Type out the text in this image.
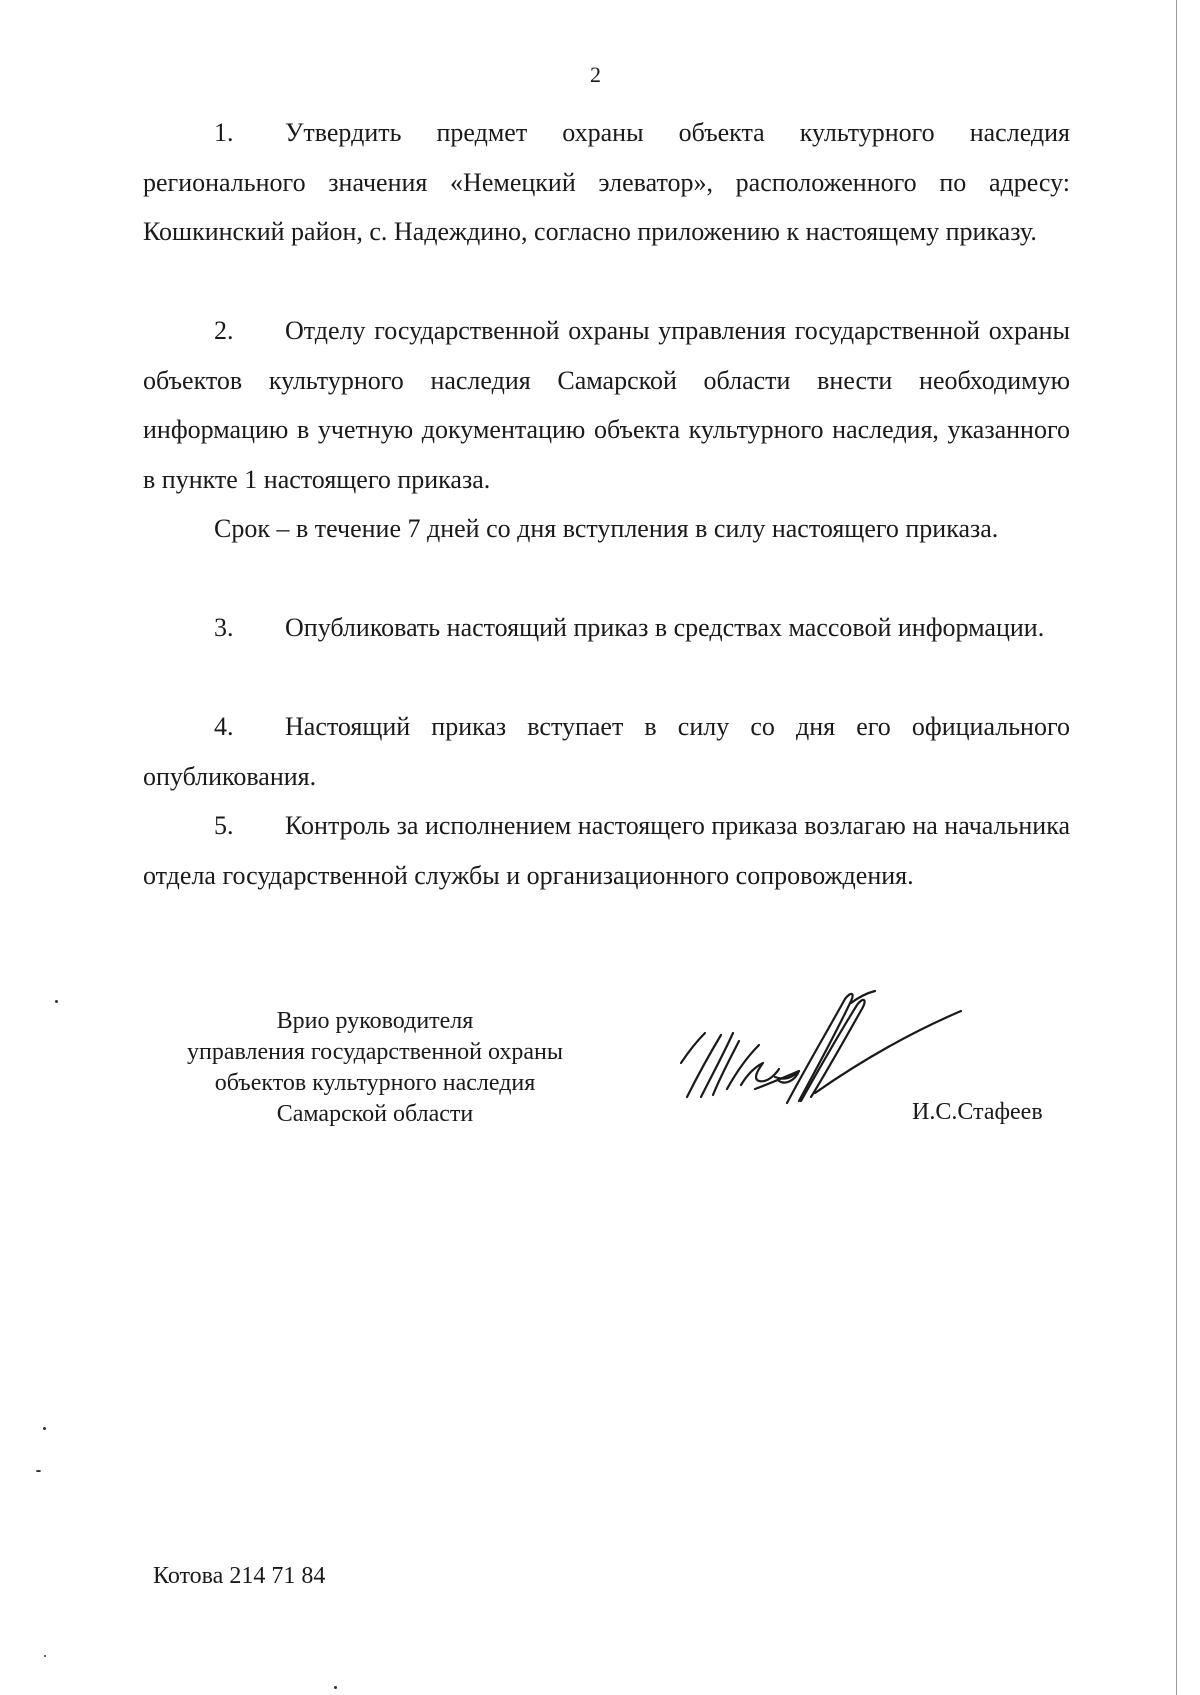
2

1. Утвердить предмет охраны объекта культурного наследия регионального значения «Немецкий элеватор», расположенного по адресу: Кошкинский район, с. Надеждино, согласно приложению к настоящему приказу.

2. Отделу государственной охраны управления государственной охраны объектов культурного наследия Самарской области внести необходимую информацию в учетную документацию объекта культурного наследия, указанного в пункте 1 настоящего приказа.

Срок – в течение 7 дней со дня вступления в силу настоящего приказа.

3. Опубликовать настоящий приказ в средствах массовой информации.

4. Настоящий приказ вступает в силу со дня его официального опубликования.

5. Контроль за исполнением настоящего приказа возлагаю на начальника отдела государственной службы и организационного сопровождения.

Врио руководителя
управления государственной охраны
объектов культурного наследия
Самарской области	И.С.Стафеев
Котова 214 71 84
